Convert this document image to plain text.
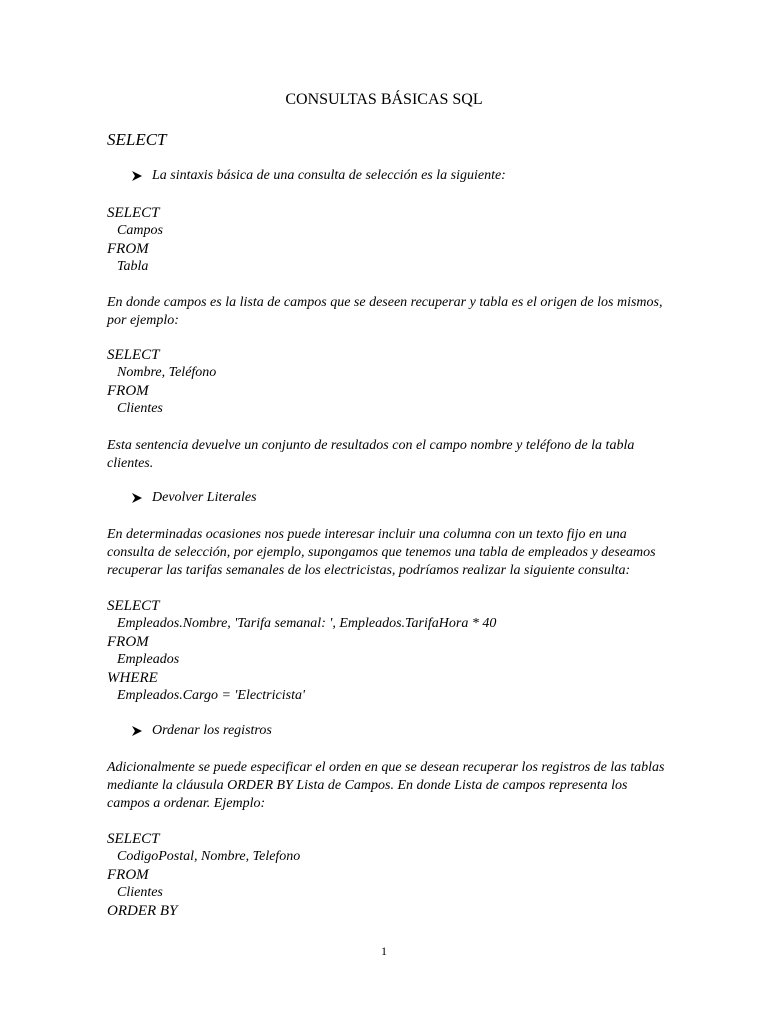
CONSULTAS BÁSICAS SQL
SELECT
La sintaxis básica de una consulta de selección es la siguiente:
SELECT
Campos
FROM
Tabla
En donde campos es la lista de campos que se deseen recuperar y tabla es el origen de los mismos,
por ejemplo:
SELECT
Nombre, Teléfono
FROM
Clientes
Esta sentencia devuelve un conjunto de resultados con el campo nombre y teléfono de la tabla
clientes.
Devolver Literales
En determinadas ocasiones nos puede interesar incluir una columna con un texto fijo en una
consulta de selección, por ejemplo, supongamos que tenemos una tabla de empleados y deseamos
recuperar las tarifas semanales de los electricistas, podríamos realizar la siguiente consulta:
SELECT
Empleados.Nombre, 'Tarifa semanal: ', Empleados.TarifaHora * 40
FROM
Empleados
WHERE
Empleados.Cargo = 'Electricista'
Ordenar los registros
Adicionalmente se puede especificar el orden en que se desean recuperar los registros de las tablas
mediante la cláusula ORDER BY Lista de Campos. En donde Lista de campos representa los
campos a ordenar. Ejemplo:
SELECT
CodigoPostal, Nombre, Telefono
FROM
Clientes
ORDER BY
1
